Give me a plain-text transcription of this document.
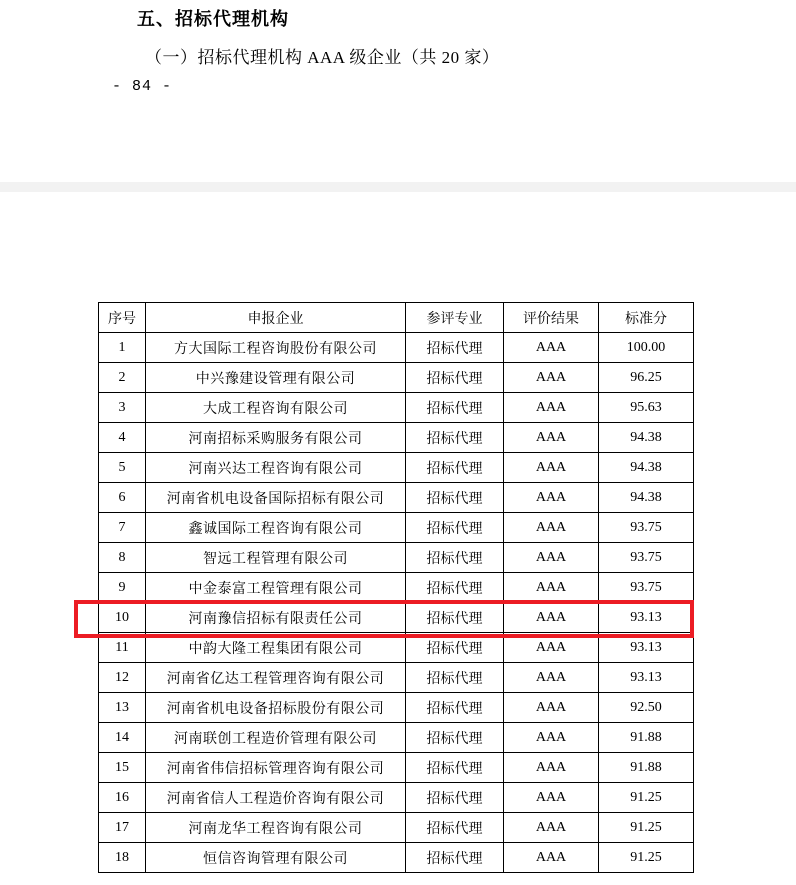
五、招标代理机构
（一）招标代理机构 AAA 级企业（共 20 家）
- 84 -
序号	申报企业	参评专业	评价结果	标准分
1	方大国际工程咨询股份有限公司	招标代理	AAA	100.00
2	中兴豫建设管理有限公司	招标代理	AAA	96.25
3	大成工程咨询有限公司	招标代理	AAA	95.63
4	河南招标采购服务有限公司	招标代理	AAA	94.38
5	河南兴达工程咨询有限公司	招标代理	AAA	94.38
6	河南省机电设备国际招标有限公司	招标代理	AAA	94.38
7	鑫诚国际工程咨询有限公司	招标代理	AAA	93.75
8	智远工程管理有限公司	招标代理	AAA	93.75
9	中金泰富工程管理有限公司	招标代理	AAA	93.75
10	河南豫信招标有限责任公司	招标代理	AAA	93.13
11	中韵大隆工程集团有限公司	招标代理	AAA	93.13
12	河南省亿达工程管理咨询有限公司	招标代理	AAA	93.13
13	河南省机电设备招标股份有限公司	招标代理	AAA	92.50
14	河南联创工程造价管理有限公司	招标代理	AAA	91.88
15	河南省伟信招标管理咨询有限公司	招标代理	AAA	91.88
16	河南省信人工程造价咨询有限公司	招标代理	AAA	91.25
17	河南龙华工程咨询有限公司	招标代理	AAA	91.25
18	恒信咨询管理有限公司	招标代理	AAA	91.25
